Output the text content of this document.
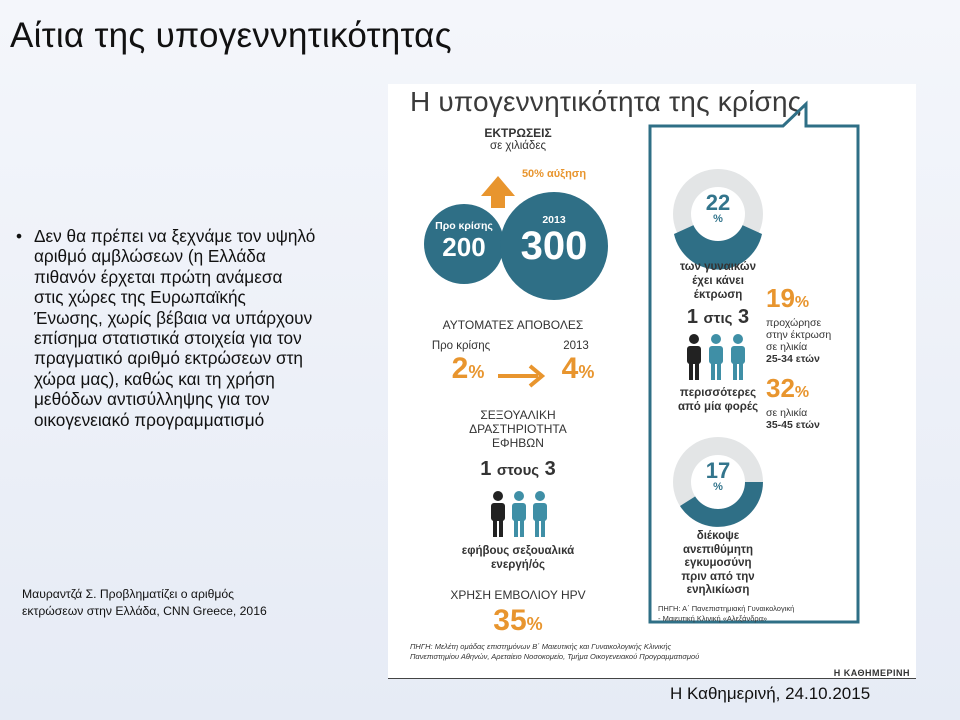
Αίτια της υπογεννητικότητας
• Δεν θα πρέπει να ξεχνάμε τον υψηλό αριθμό αμβλώσεων (η Ελλάδα πιθανόν έρχεται πρώτη ανάμεσα στις χώρες της Ευρωπαϊκής Ένωσης, χωρίς βέβαια να υπάρχουν επίσημα στατιστικά στοιχεία για τον πραγματικό αριθμό εκτρώσεων στη χώρα μας), καθώς και τη χρήση μεθόδων αντισύλληψης για τον οικογενειακό προγραμματισμό
Μαυραντζά Σ. Προβληματίζει ο αριθμός εκτρώσεων στην Ελλάδα, CNN Greece, 2016
Η υπογεννητικότητα της κρίσης
ΕΚΤΡΩΣΕΙΣ
σε χιλιάδες
50% αύξηση
Προ κρίσης
200
2013
300
ΑΥΤΟΜΑΤΕΣ ΑΠΟΒΟΛΕΣ
Προ κρίσης	2013
2%	4%
ΣΕΞΟΥΑΛΙΚΗ
ΔΡΑΣΤΗΡΙΟΤΗΤΑ
ΕΦΗΒΩΝ
1 στους 3
εφήβους σεξουαλικά
ενεργή/ός
ΧΡΗΣΗ ΕΜΒΟΛΙΟΥ HPV
35%
22
%
των γυναικών
έχει κάνει
έκτρωση
1 στις 3
περισσότερες
από μία φορές
19%
προχώρησε
στην έκτρωση
σε ηλικία
25-34 ετών
32%
σε ηλικία
35-45 ετών
17
%
διέκοψε
ανεπιθύμητη
εγκυμοσύνη
πριν από την
ενηλικίωση
ΠΗΓΗ: Α΄ Πανεπιστημιακή Γυναικολογική
- Μαιευτική Κλινική «Αλεξάνδρα»
ΠΗΓΗ: Μελέτη ομάδας επιστημόνων Β΄ Μαιευτικής και Γυναικολογικής Κλινικής
Πανεπιστημίου Αθηνών, Αρεταίειο Νοσοκομείο, Τμήμα Οικογενειακού Προγραμματισμού
Η ΚΑΘΗΜΕΡΙΝΗ
Η Καθημερινή, 24.10.2015
